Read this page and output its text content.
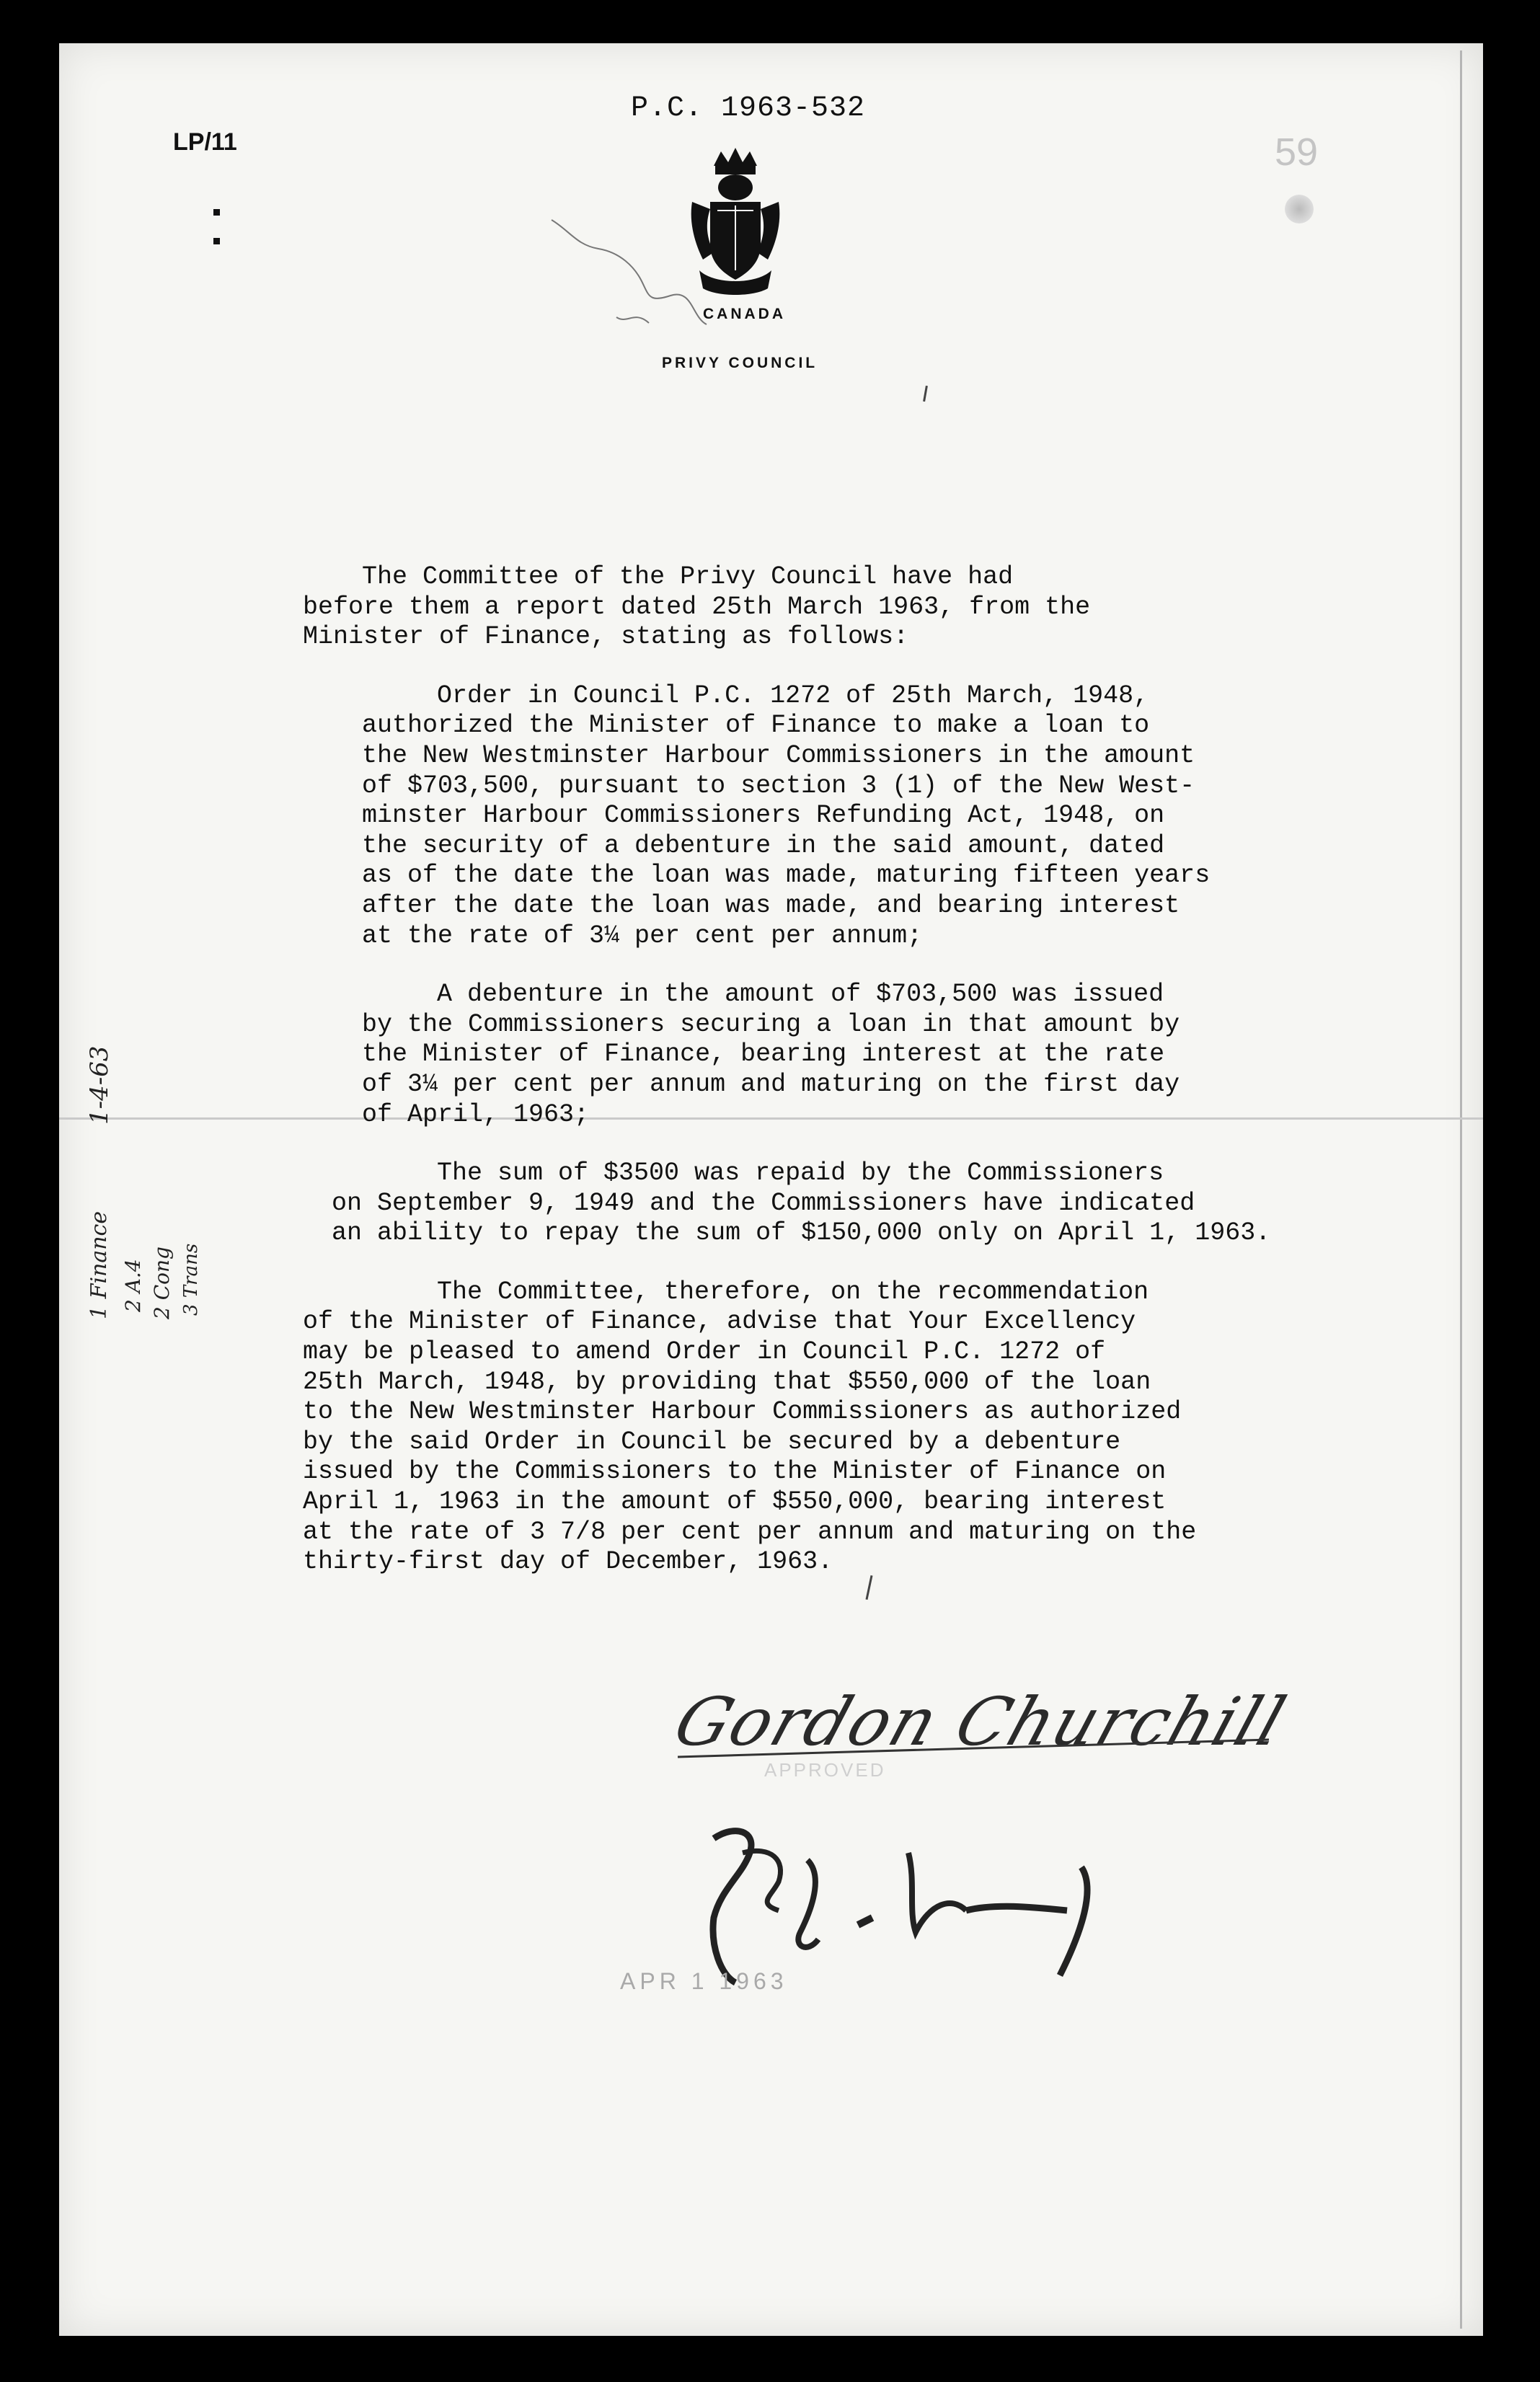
P.C. 1963-532
LP/11	59
CANADA
PRIVY COUNCIL

The Committee of the Privy Council have had

before them a report dated 25th March 1963, from the

Minister of Finance, stating as follows:

Order in Council P.C. 1272 of 25th March, 1948,

authorized the Minister of Finance to make a loan to

the New Westminster Harbour Commissioners in the amount

of $703,500, pursuant to section 3 (1) of the New West-

minster Harbour Commissioners Refunding Act, 1948, on

the security of a debenture in the said amount, dated

as of the date the loan was made, maturing fifteen years

after the date the loan was made, and bearing interest

at the rate of 3¼ per cent per annum;

A debenture in the amount of $703,500 was issued

by the Commissioners securing a loan in that amount by

the Minister of Finance, bearing interest at the rate

of 3¼ per cent per annum and maturing on the first day

of April, 1963;

The sum of $3500 was repaid by the Commissioners

on September 9, 1949 and the Commissioners have indicated

an ability to repay the sum of $150,000 only on April 1, 1963.

The Committee, therefore, on the recommendation

of the Minister of Finance, advise that Your Excellency

may be pleased to amend Order in Council P.C. 1272 of

25th March, 1948, by providing that $550,000 of the loan

to the New Westminster Harbour Commissioners as authorized

by the said Order in Council be secured by a debenture

issued by the Commissioners to the Minister of Finance on

April 1, 1963 in the amount of $550,000, bearing interest

at the rate of 3 7/8 per cent per annum and maturing on the

thirty-first day of December, 1963.

1-4-63
1 Finance 2 A.4 2 Cong 3 Trans
Gordon Churchill
APPROVED
APR 1 1963
